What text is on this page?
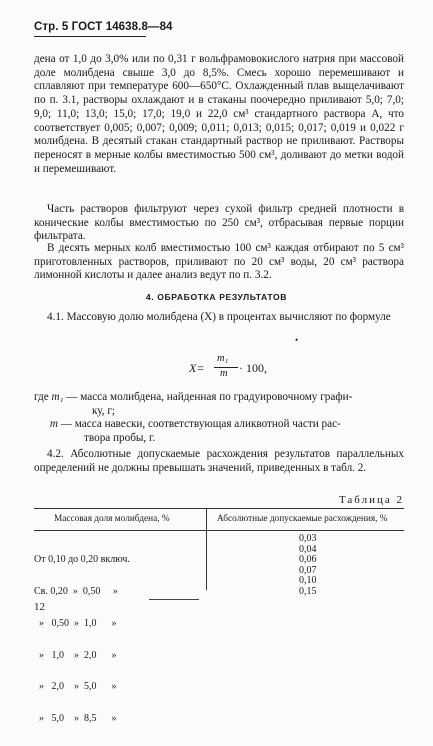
Стр. 5 ГОСТ 14638.8—84
дена от 1,0 до 3,0% или по 0,31 г вольфрамовокислого натрия при массовой доле молибдена свыше 3,0 до 8,5%. Смесь хорошо перемешивают и сплавляют при температуре 600—650°С. Охлажденный плав выщелачивают по п. 3.1, растворы охлаждают и в стаканы поочередно приливают 5,0; 7,0; 9,0; 11,0; 13,0; 15,0; 17,0; 19,0 и 22,0 см³ стандартного раствора А, что соответствует 0,005; 0,007; 0,009; 0,011; 0,013; 0,015; 0,017; 0,019 и 0,022 г молибдена. В десятый стакан стандартный раствор не приливают. Растворы переносят в мерные колбы вместимостью 500 см³, доливают до метки водой и перемешивают.
Часть растворов фильтруют через сухой фильтр средней плотности в конические колбы вместимостью по 250 см³, отбрасывая первые порции фильтрата.
В десять мерных колб вместимостью 100 см³ каждая отбирают по 5 см³ приготовленных растворов, приливают по 20 см³ воды, 20 см³ раствора лимонной кислоты и далее анализ ведут по п. 3.2.
4. ОБРАБОТКА РЕЗУЛЬТАТОВ
4.1. Массовую долю молибдена (X) в процентах вычисляют по формуле
•
X=
m₁
m · 100,
где m₁ — масса молибдена, найденная по градуировочному графи-
ку, г;
m — масса навески, соответствующая аликвотной части рас-
твора пробы, г.
4.2. Абсолютные допускаемые расхождения результатов параллельных определений не должны превышать значений, приведенных в табл. 2.
Таблица 2
Массовая доля молибдена, %	Абсолютные допускаемые расхождения, %

От 0,10 до 0,20 включ.

Св. 0,20  »  0,50     »

»   0,50  »  1,0      »

»   1,0    »  2,0      »

»   2,0    »  5,0      »

»   5,0    »  8,5      »

0,03
0,04
0,06
0,07
0,10
0,15
12
